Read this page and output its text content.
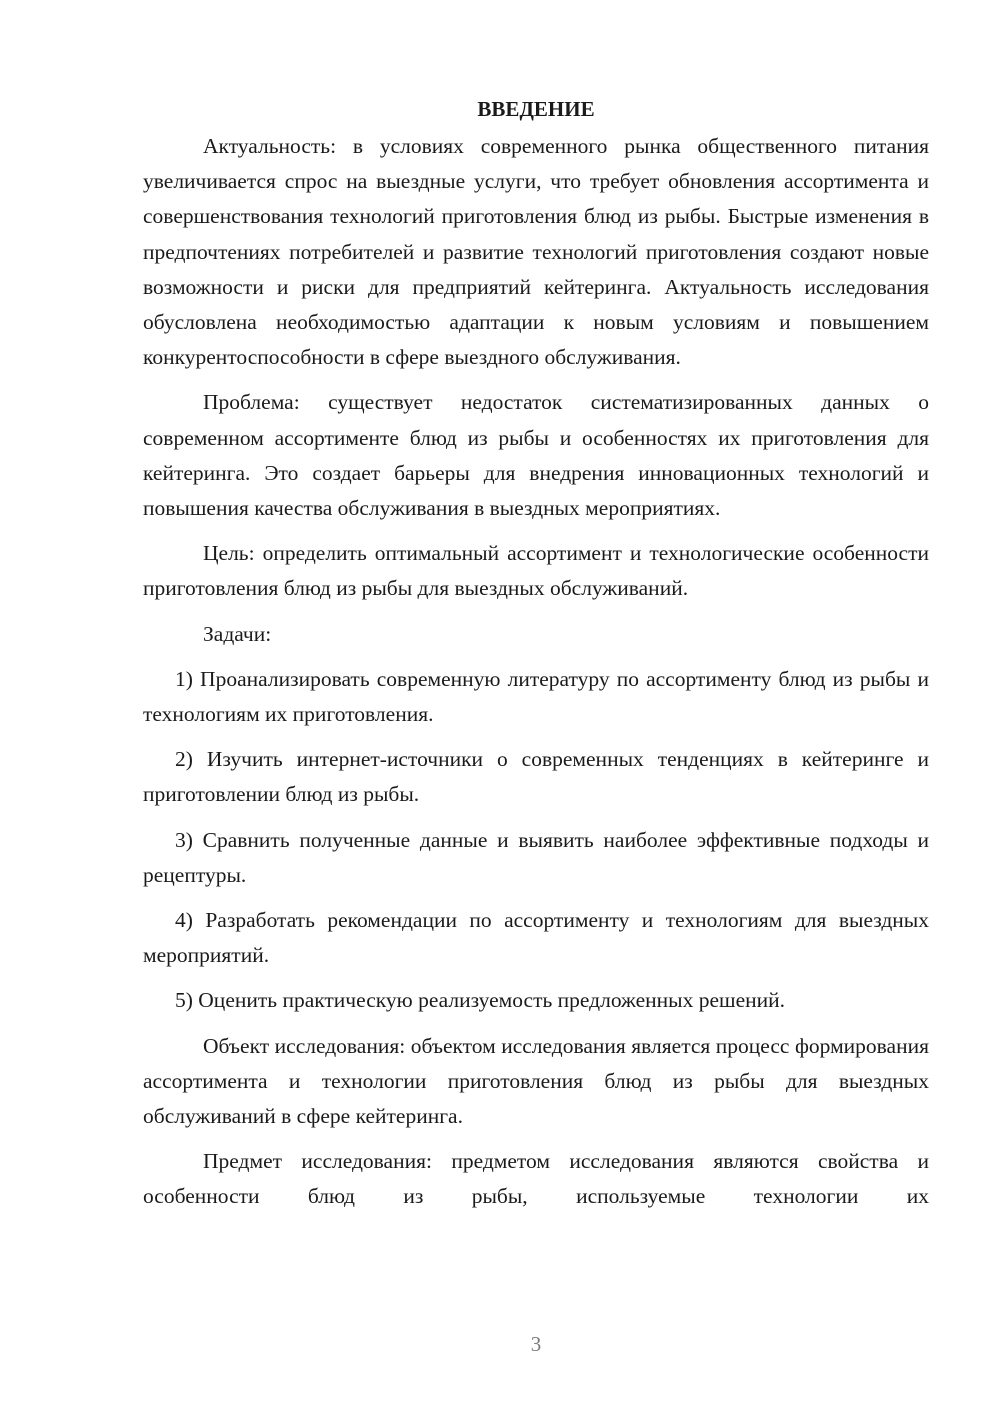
ВВЕДЕНИЕ

Актуальность: в условиях современного рынка общественного питания увеличивается спрос на выездные услуги, что требует обновления ассортимента и совершенствования технологий приготовления блюд из рыбы. Быстрые изменения в предпочтениях потребителей и развитие технологий приготовления создают новые возможности и риски для предприятий кейтеринга. Актуальность исследования обусловлена необходимостью адаптации к новым условиям и повышением конкурентоспособности в сфере выездного обслуживания.

Проблема: существует недостаток систематизированных данных о современном ассортименте блюд из рыбы и особенностях их приготовления для кейтеринга. Это создает барьеры для внедрения инновационных технологий и повышения качества обслуживания в выездных мероприятиях.

Цель: определить оптимальный ассортимент и технологические особенности приготовления блюд из рыбы для выездных обслуживаний.

Задачи:

1) Проанализировать современную литературу по ассортименту блюд из рыбы и технологиям их приготовления.

2) Изучить интернет-источники о современных тенденциях в кейтеринге и приготовлении блюд из рыбы.

3) Сравнить полученные данные и выявить наиболее эффективные подходы и рецептуры.

4) Разработать рекомендации по ассортименту и технологиям для выездных мероприятий.

5) Оценить практическую реализуемость предложенных решений.

Объект исследования: объектом исследования является процесс формирования ассортимента и технологии приготовления блюд из рыбы для выездных обслуживаний в сфере кейтеринга.

Предмет исследования: предметом исследования являются свойства и особенности блюд из рыбы, используемые технологии их

3
